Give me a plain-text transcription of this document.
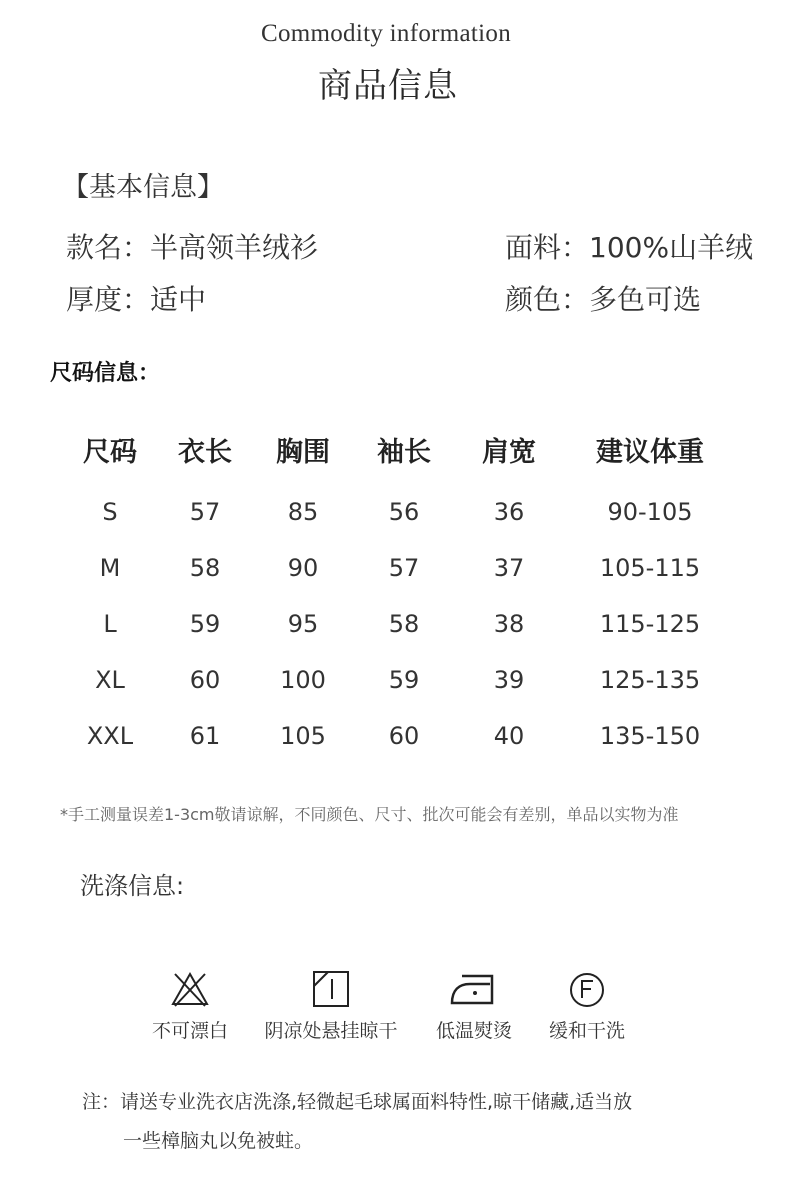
Commodity information
商品信息
【基本信息】
款名：半高领羊绒衫	面料：100%山羊绒
厚度：适中	颜色：多色可选
尺码信息：
尺码	衣长	胸围	袖长	肩宽	建议体重
S	57	85	56	36	90-105
M	58	90	57	37	105-115
L	59	95	58	38	115-125
XL	60	100	59	39	125-135
XXL	61	105	60	40	135-150
*手工测量误差1-3cm敬请谅解，不同颜色、尺寸、批次可能会有差别，单品以实物为准
洗涤信息:
不可漂白	阴凉处悬挂晾干	低温熨烫	缓和干洗
注：请送专业洗衣店洗涤,轻微起毛球属面料特性,晾干储藏,适当放
一些樟脑丸以免被蛀。
